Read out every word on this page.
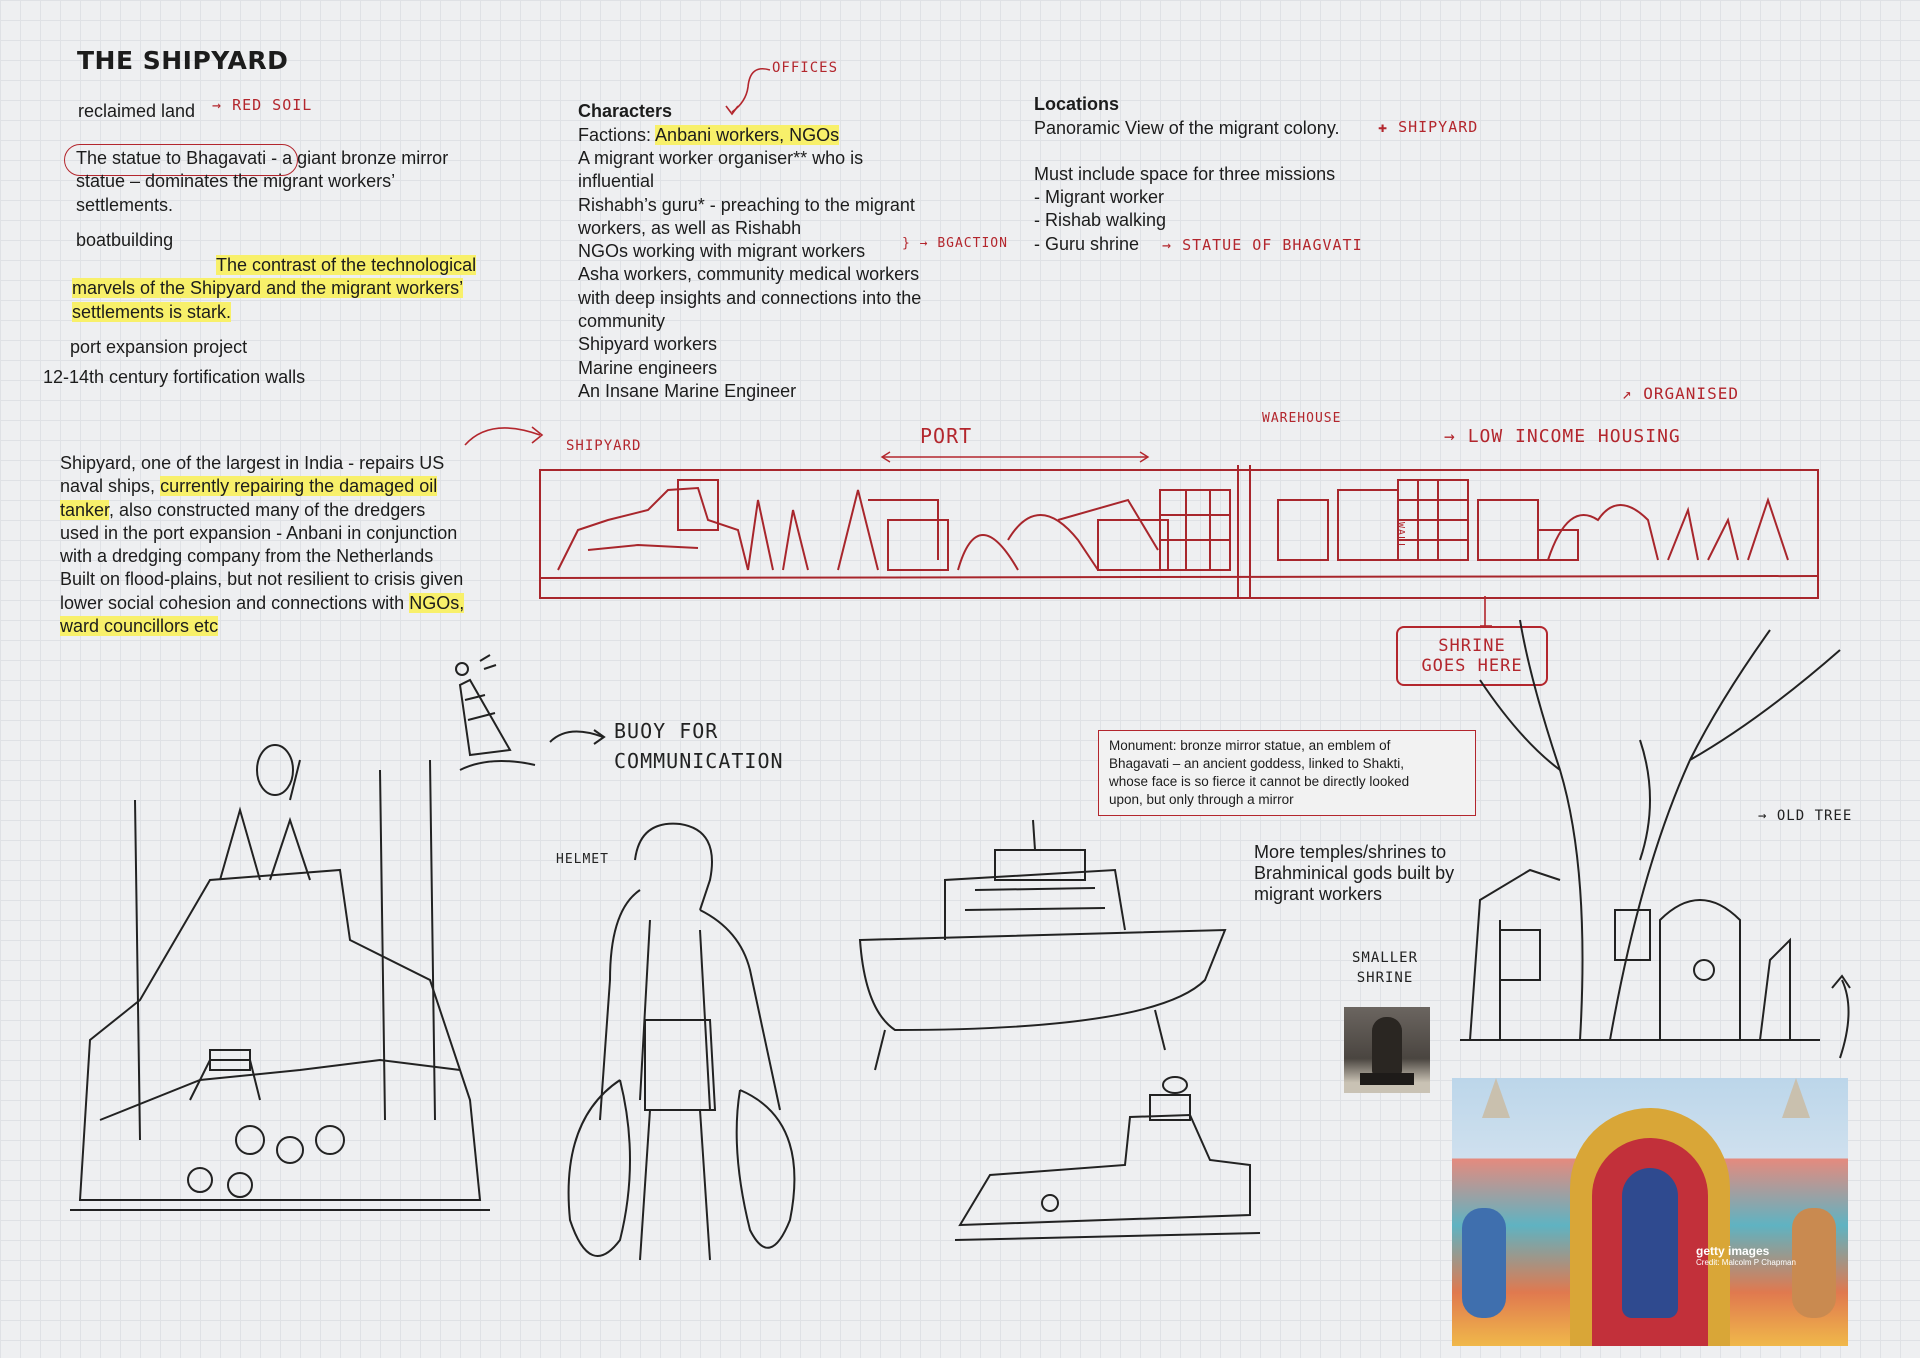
THE SHIPYARD
reclaimed land → RED SOIL
The statue to Bhagavati - a giant bronze mirror
statue – dominates the migrant workers’
settlements.
boatbuilding
The contrast of the technological
marvels of the Shipyard and the migrant workers’
settlements is stark.
port expansion project
12-14th century fortification walls
Shipyard, one of the largest in India - repairs US
naval ships, currently repairing the damaged oil
tanker, also constructed many of the dredgers
used in the port expansion - Anbani in conjunction
with a dredging company from the Netherlands
Built on flood-plains, but not resilient to crisis given
lower social cohesion and connections with NGOs,
ward councillors etc
OFFICES
Characters
Factions: Anbani workers, NGOs
A migrant worker organiser** who is
influential
Rishabh’s guru* - preaching to the migrant
workers, as well as Rishabh
NGOs working with migrant workers
Asha workers, community medical workers
with deep insights and connections into the
community
Shipyard workers
Marine engineers
An Insane Marine Engineer
} → BGACTION
Locations
Panoramic View of the migrant colony.	✚ SHIPYARD
Must include space for three missions
- Migrant worker
- Rishab walking
- Guru shrine	→ STATUE OF BHAGVATI
SHIPYARD	PORT
WAREHOUSE
↗ ORGANISED
→ LOW INCOME HOUSING
WALL
SHRINE
GOES HERE
BUOY FOR
COMMUNICATION
HELMET
Monument: bronze mirror statue, an emblem of
Bhagavati – an ancient goddess, linked to Shakti,
whose face is so fierce it cannot be directly looked
upon, but only through a mirror
More temples/shrines to
Brahminical gods built by
migrant workers
→ OLD TREE
SMALLER
SHRINE
getty images
Credit: Malcolm P Chapman
